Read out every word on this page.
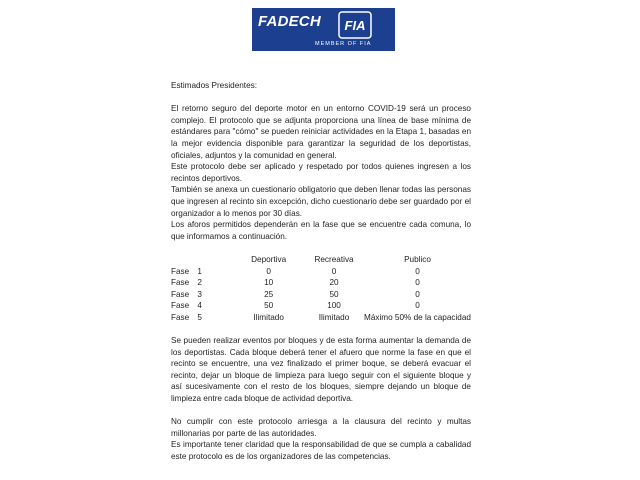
FADECH FIA
MEMBER OF FIA

Estimados Presidentes:

El retorno seguro del deporte motor en un entorno COVID-19 será un proceso complejo. El protocolo que se adjunta proporciona una línea de base mínima de estándares para "cómo" se pueden reiniciar actividades en la Etapa 1, basadas en la mejor evidencia disponible para garantizar la seguridad de los deportistas, oficiales, adjuntos y la comunidad en general.

Este protocolo debe ser aplicado y respetado por todos quienes ingresen a los recintos deportivos.

También se anexa un cuestionario obligatorio que deben llenar todas las personas que ingresen al recinto sin excepción, dicho cuestionario debe ser guardado por el organizador a lo menos por 30 días.

Los aforos permitidos dependerán en la fase que se encuentre cada comuna, lo que informamos a continuación.

		Deportiva	Recreativa	Publico
Fase	1	0	0	0
Fase	2	10	20	0
Fase	3	25	50	0
Fase	4	50	100	0
Fase	5	Ilimitado	Ilimitado	Máximo 50% de la capacidad

Se pueden realizar eventos por bloques y de esta forma aumentar la demanda de los deportistas. Cada bloque deberá tener el afuero que norme la fase en que el recinto se encuentre, una vez finalizado el primer boque, se deberá evacuar el recinto, dejar un bloque de limpieza para luego seguir con el siguiente bloque y así sucesivamente con el resto de los bloques, siempre dejando un bloque de limpieza entre cada bloque de actividad deportiva.

No cumplir con este protocolo arriesga a la clausura del recinto y multas millonarias por parte de las autoridades.

Es importante tener claridad que la responsabilidad de que se cumpla a cabalidad este protocolo es de los organizadores de las competencias.
